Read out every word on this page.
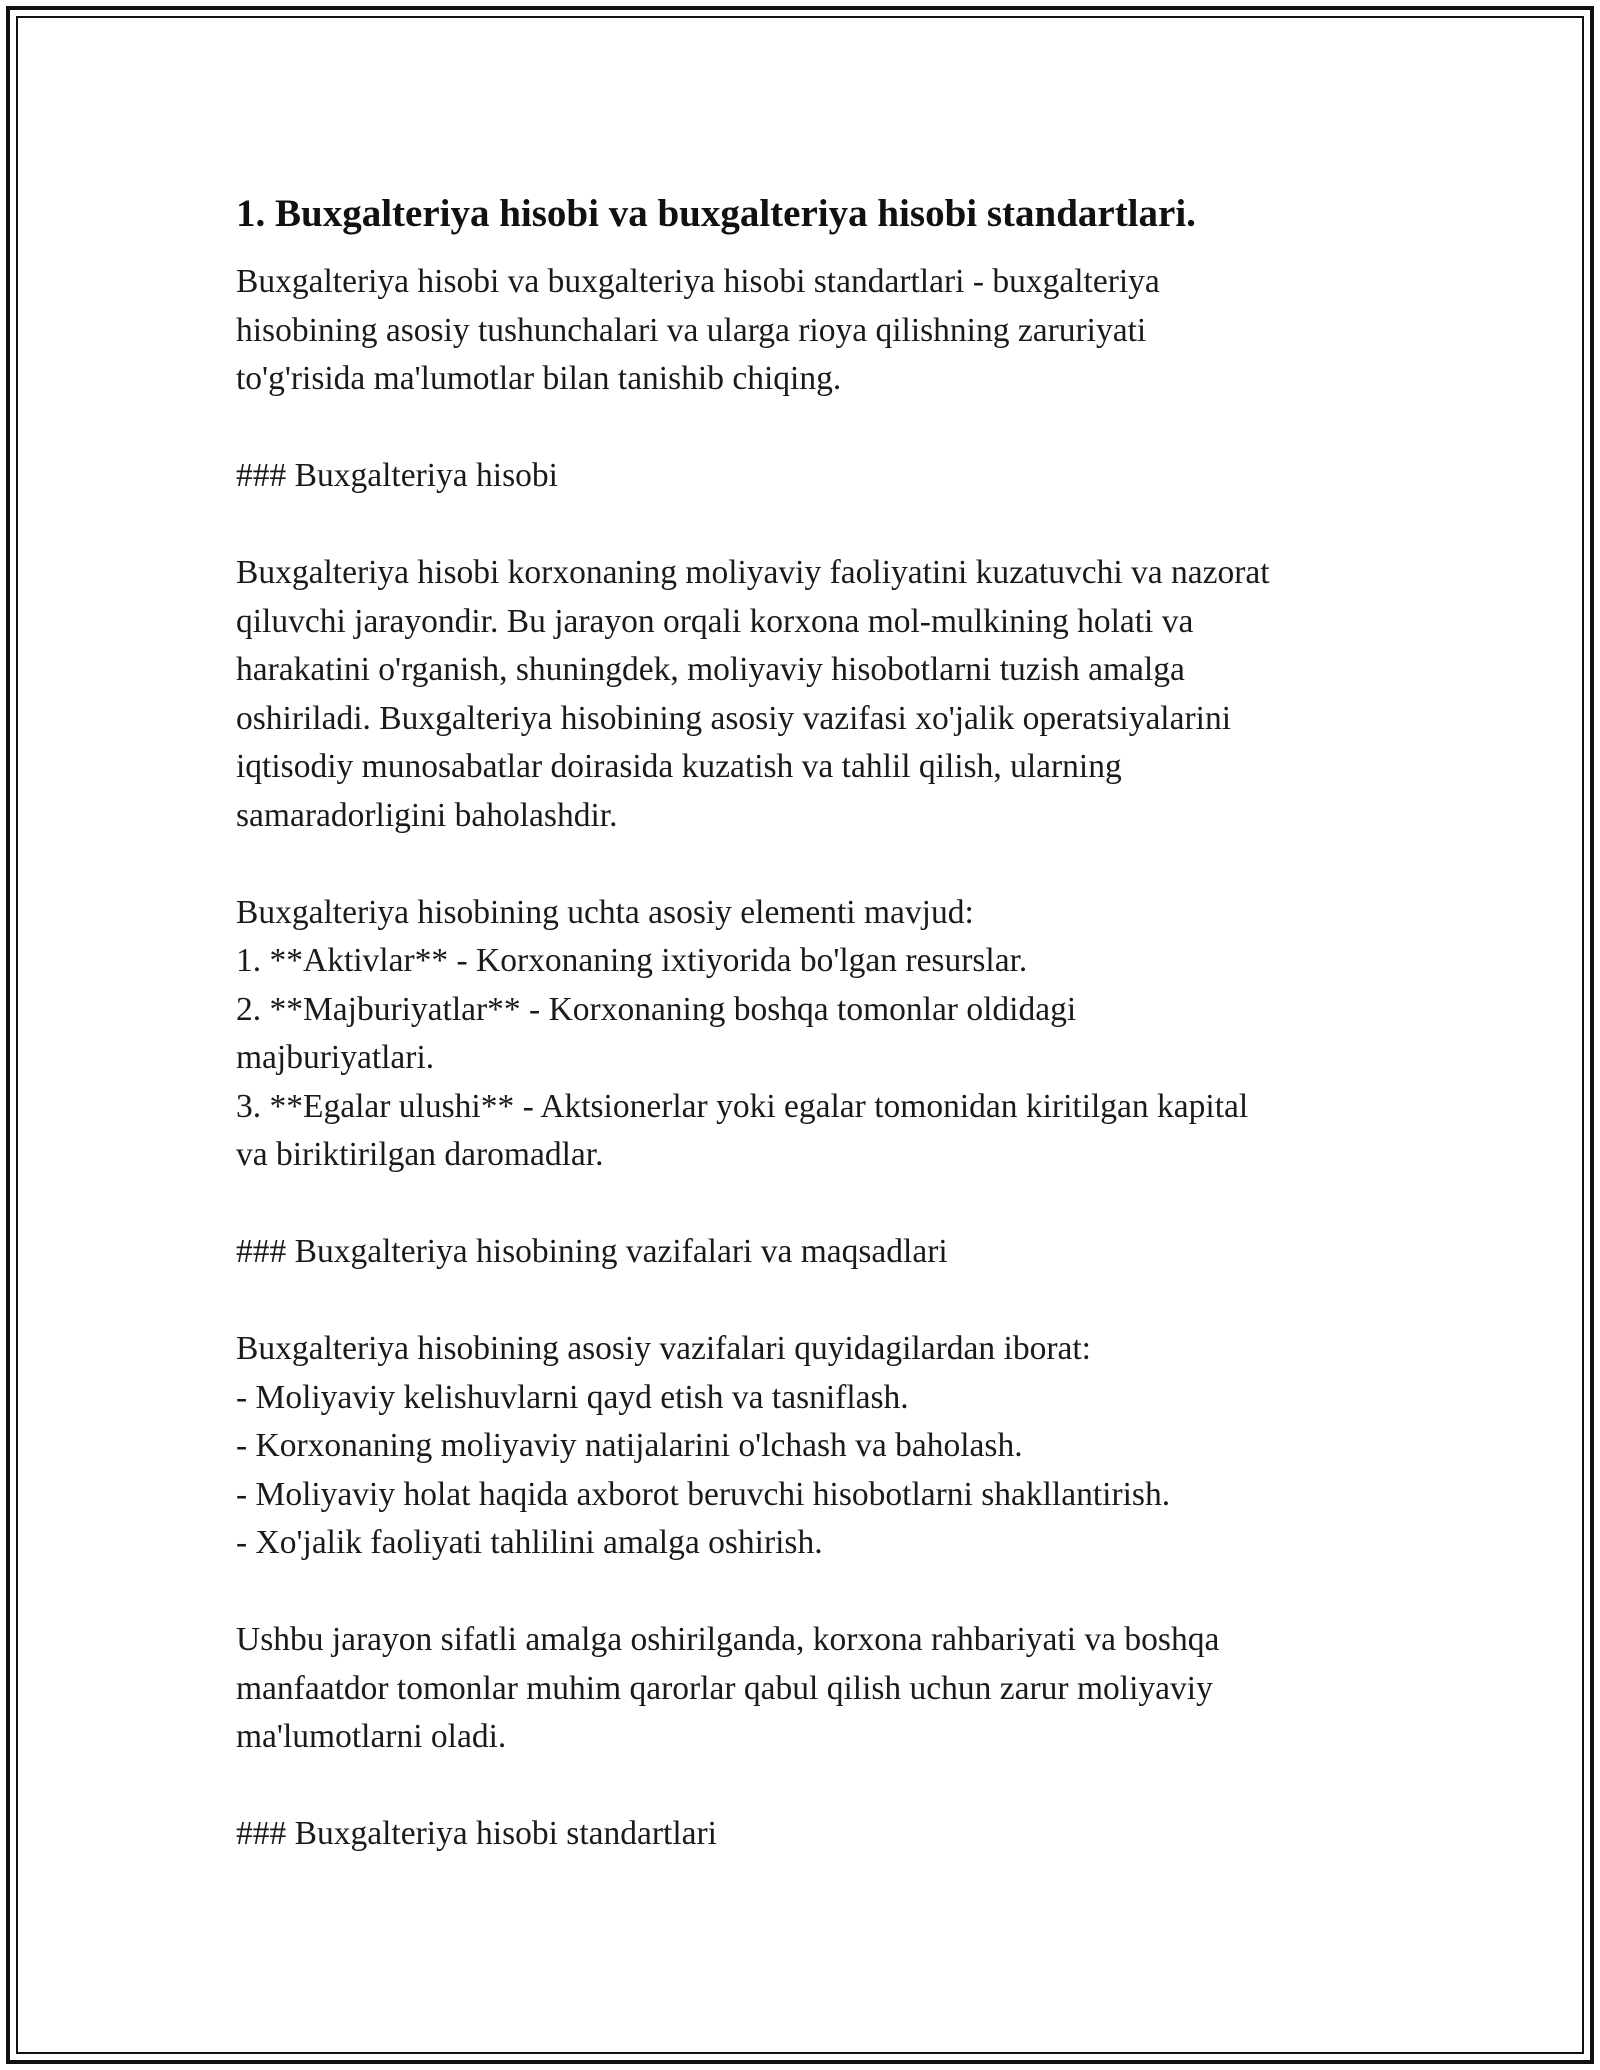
1. Buxgalteriya hisobi va buxgalteriya hisobi standartlari.
Buxgalteriya hisobi va buxgalteriya hisobi standartlari - buxgalteriya
hisobining asosiy tushunchalari va ularga rioya qilishning zaruriyati
to'g'risida ma'lumotlar bilan tanishib chiqing.
### Buxgalteriya hisobi
Buxgalteriya hisobi korxonaning moliyaviy faoliyatini kuzatuvchi va nazorat
qiluvchi jarayondir. Bu jarayon orqali korxona mol-mulkining holati va
harakatini o'rganish, shuningdek, moliyaviy hisobotlarni tuzish amalga
oshiriladi. Buxgalteriya hisobining asosiy vazifasi xo'jalik operatsiyalarini
iqtisodiy munosabatlar doirasida kuzatish va tahlil qilish, ularning
samaradorligini baholashdir.
Buxgalteriya hisobining uchta asosiy elementi mavjud:
1. **Aktivlar** - Korxonaning ixtiyorida bo'lgan resurslar.
2. **Majburiyatlar** - Korxonaning boshqa tomonlar oldidagi
majburiyatlari.
3. **Egalar ulushi** - Aktsionerlar yoki egalar tomonidan kiritilgan kapital
va biriktirilgan daromadlar.
### Buxgalteriya hisobining vazifalari va maqsadlari
Buxgalteriya hisobining asosiy vazifalari quyidagilardan iborat:
- Moliyaviy kelishuvlarni qayd etish va tasniflash.
- Korxonaning moliyaviy natijalarini o'lchash va baholash.
- Moliyaviy holat haqida axborot beruvchi hisobotlarni shakllantirish.
- Xo'jalik faoliyati tahlilini amalga oshirish.
Ushbu jarayon sifatli amalga oshirilganda, korxona rahbariyati va boshqa
manfaatdor tomonlar muhim qarorlar qabul qilish uchun zarur moliyaviy
ma'lumotlarni oladi.
### Buxgalteriya hisobi standartlari
